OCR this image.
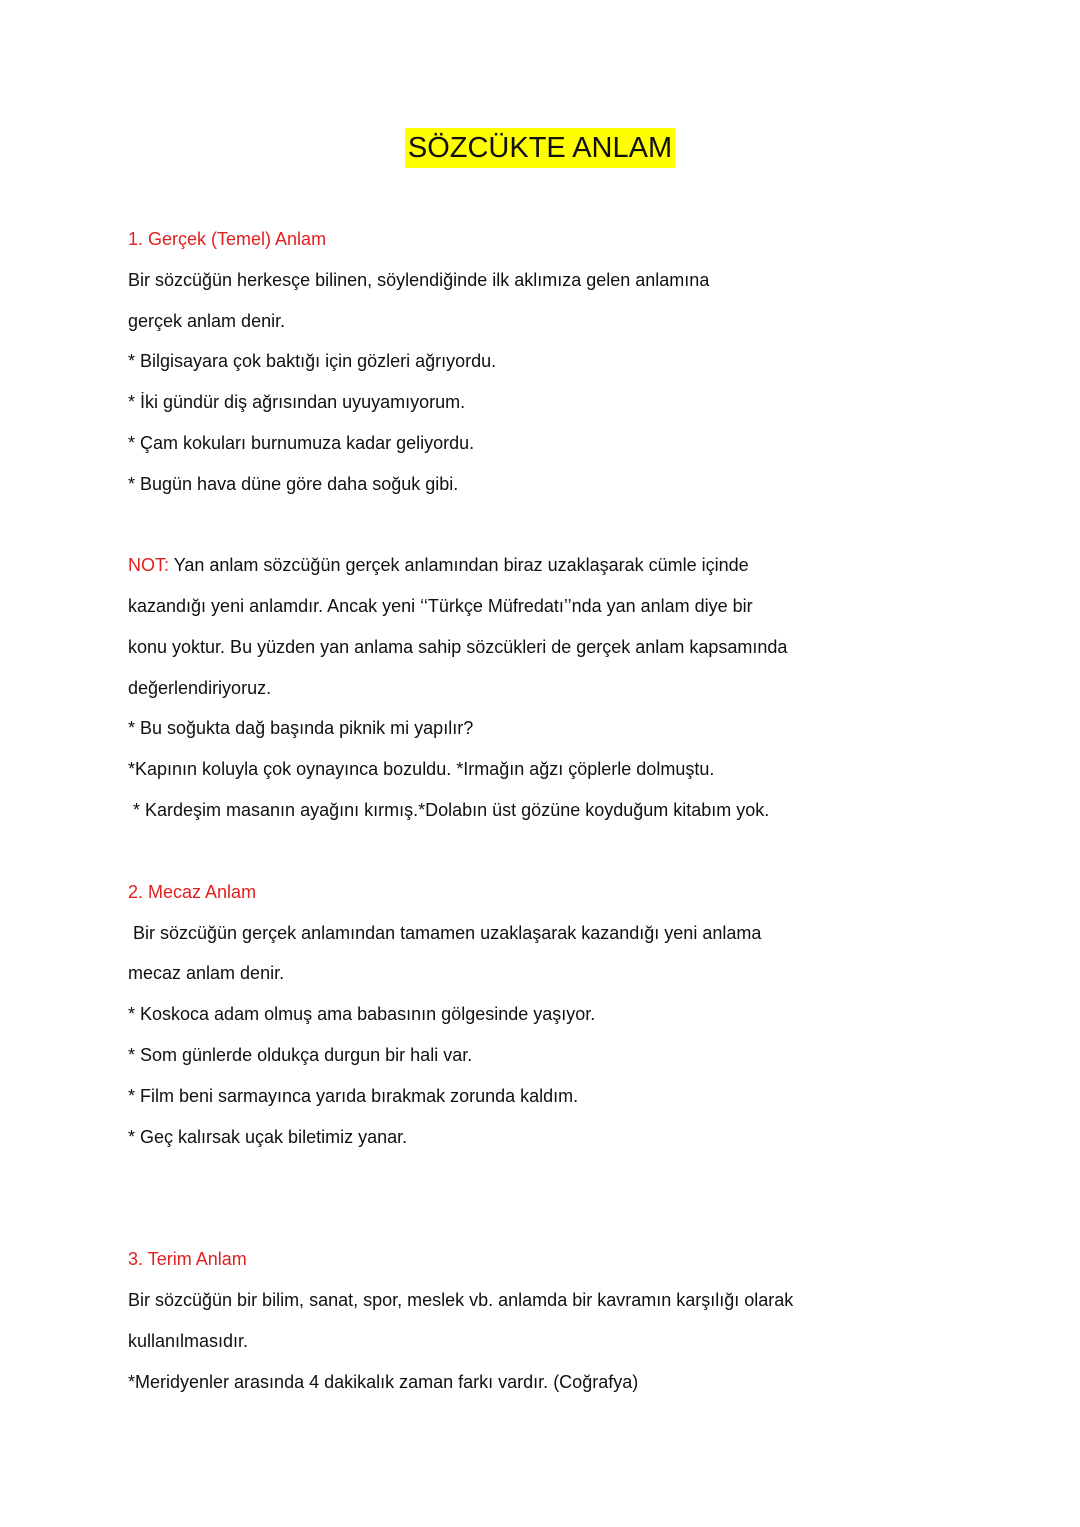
SÖZCÜKTE ANLAM
1. Gerçek (Temel) Anlam
Bir sözcüğün herkesçe bilinen, söylendiğinde ilk aklımıza gelen anlamına
gerçek anlam denir.
* Bilgisayara çok baktığı için gözleri ağrıyordu.
* İki gündür diş ağrısından uyuyamıyorum.
* Çam kokuları burnumuza kadar geliyordu.
* Bugün hava düne göre daha soğuk gibi.
NOT: Yan anlam sözcüğün gerçek anlamından biraz uzaklaşarak cümle içinde
kazandığı yeni anlamdır. Ancak yeni ‘‘Türkçe Müfredatı’’nda yan anlam diye bir
konu yoktur. Bu yüzden yan anlama sahip sözcükleri de gerçek anlam kapsamında
değerlendiriyoruz.
* Bu soğukta dağ başında piknik mi yapılır?
*Kapının koluyla çok oynayınca bozuldu. *Irmağın ağzı çöplerle dolmuştu.
* Kardeşim masanın ayağını kırmış.*Dolabın üst gözüne koyduğum kitabım yok.
2. Mecaz Anlam
Bir sözcüğün gerçek anlamından tamamen uzaklaşarak kazandığı yeni anlama
mecaz anlam denir.
* Koskoca adam olmuş ama babasının gölgesinde yaşıyor.
* Som günlerde oldukça durgun bir hali var.
* Film beni sarmayınca yarıda bırakmak zorunda kaldım.
* Geç kalırsak uçak biletimiz yanar.
3. Terim Anlam
Bir sözcüğün bir bilim, sanat, spor, meslek vb. anlamda bir kavramın karşılığı olarak
kullanılmasıdır.
*Meridyenler arasında 4 dakikalık zaman farkı vardır. (Coğrafya)
